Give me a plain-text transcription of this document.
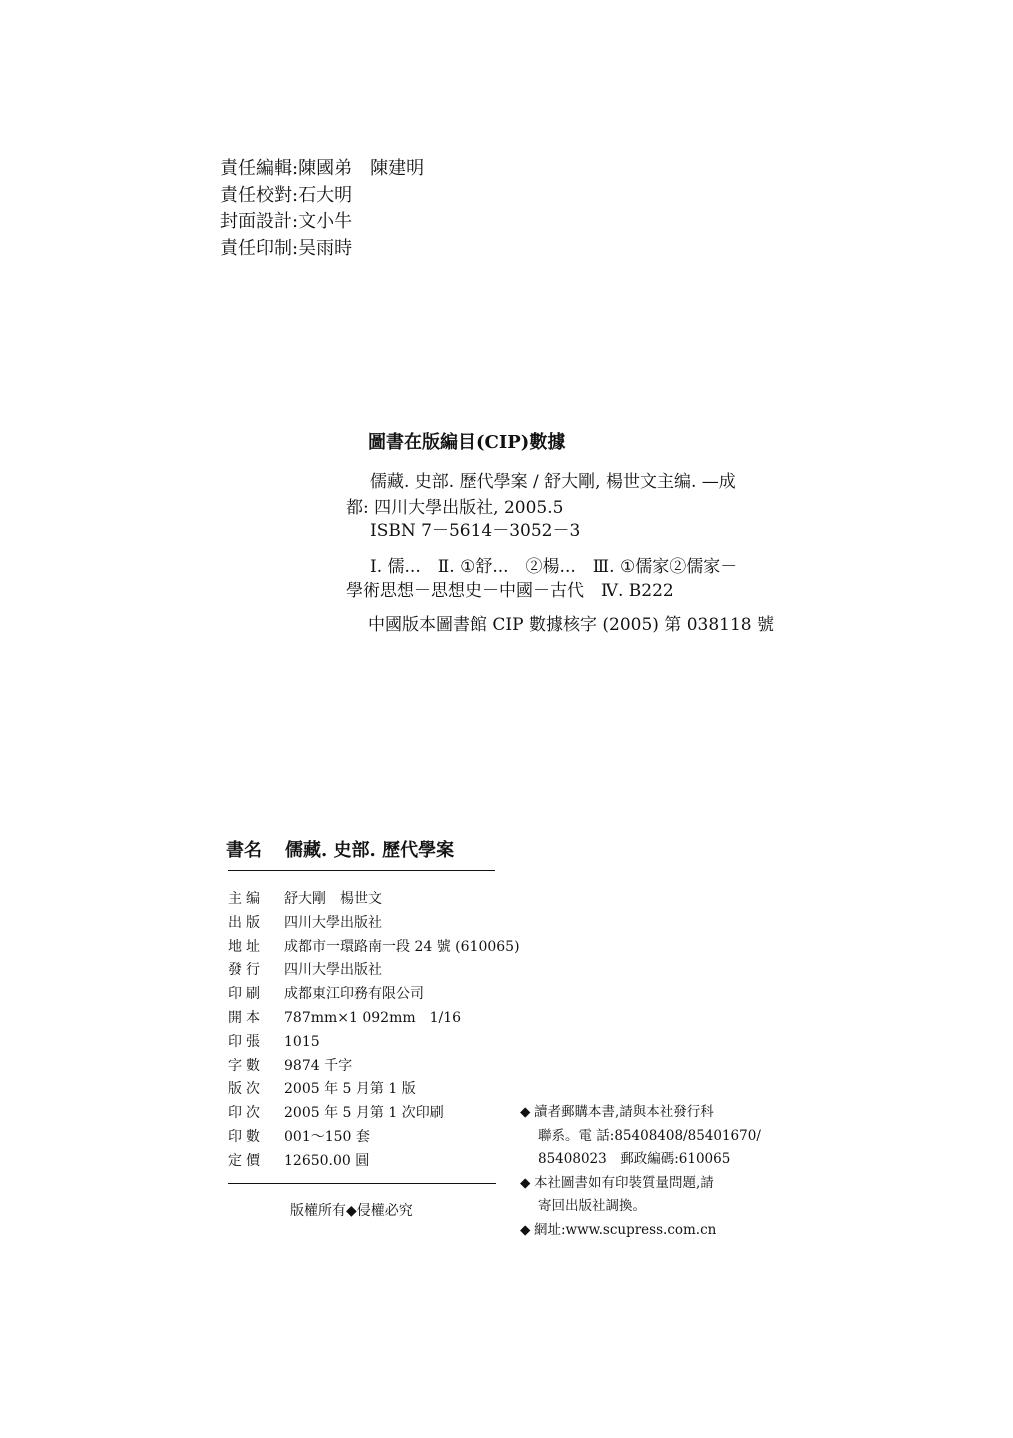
責任編輯:陳國弟　陳建明
責任校對:石大明
封面設計:文小牛
責任印制:吴雨時
圖書在版編目(CIP)數據
儒藏. 史部. 歷代學案 / 舒大剛, 楊世文主编. —成
都: 四川大學出版社, 2005.5
ISBN 7－5614－3052－3
Ⅰ. 儒...　Ⅱ. ①舒...　②楊...　Ⅲ. ①儒家②儒家－
學術思想－思想史－中國－古代　Ⅳ. B222
中國版本圖書館 CIP 數據核字 (2005) 第 038118 號
書名 儒藏. 史部. 歷代學案
主编	舒大剛　楊世文
出版	四川大學出版社
地址	成都市一環路南一段 24 號 (610065)
發行	四川大學出版社
印刷	成都東江印務有限公司
開本	787mm×1 092mm　1/16
印張	1015
字數	9874 千字
版次	2005 年 5 月第 1 版
印次	2005 年 5 月第 1 次印刷
印數	001～150 套
定價	12650.00 圓
版權所有◆侵權必究
◆ 讀者郵購本書,請與本社發行科
聯系。電 話:85408408/85401670/
85408023　郵政編碼:610065
◆ 本社圖書如有印裝質量問題,請
寄回出版社調換。
◆ 網址:www.scupress.com.cn
